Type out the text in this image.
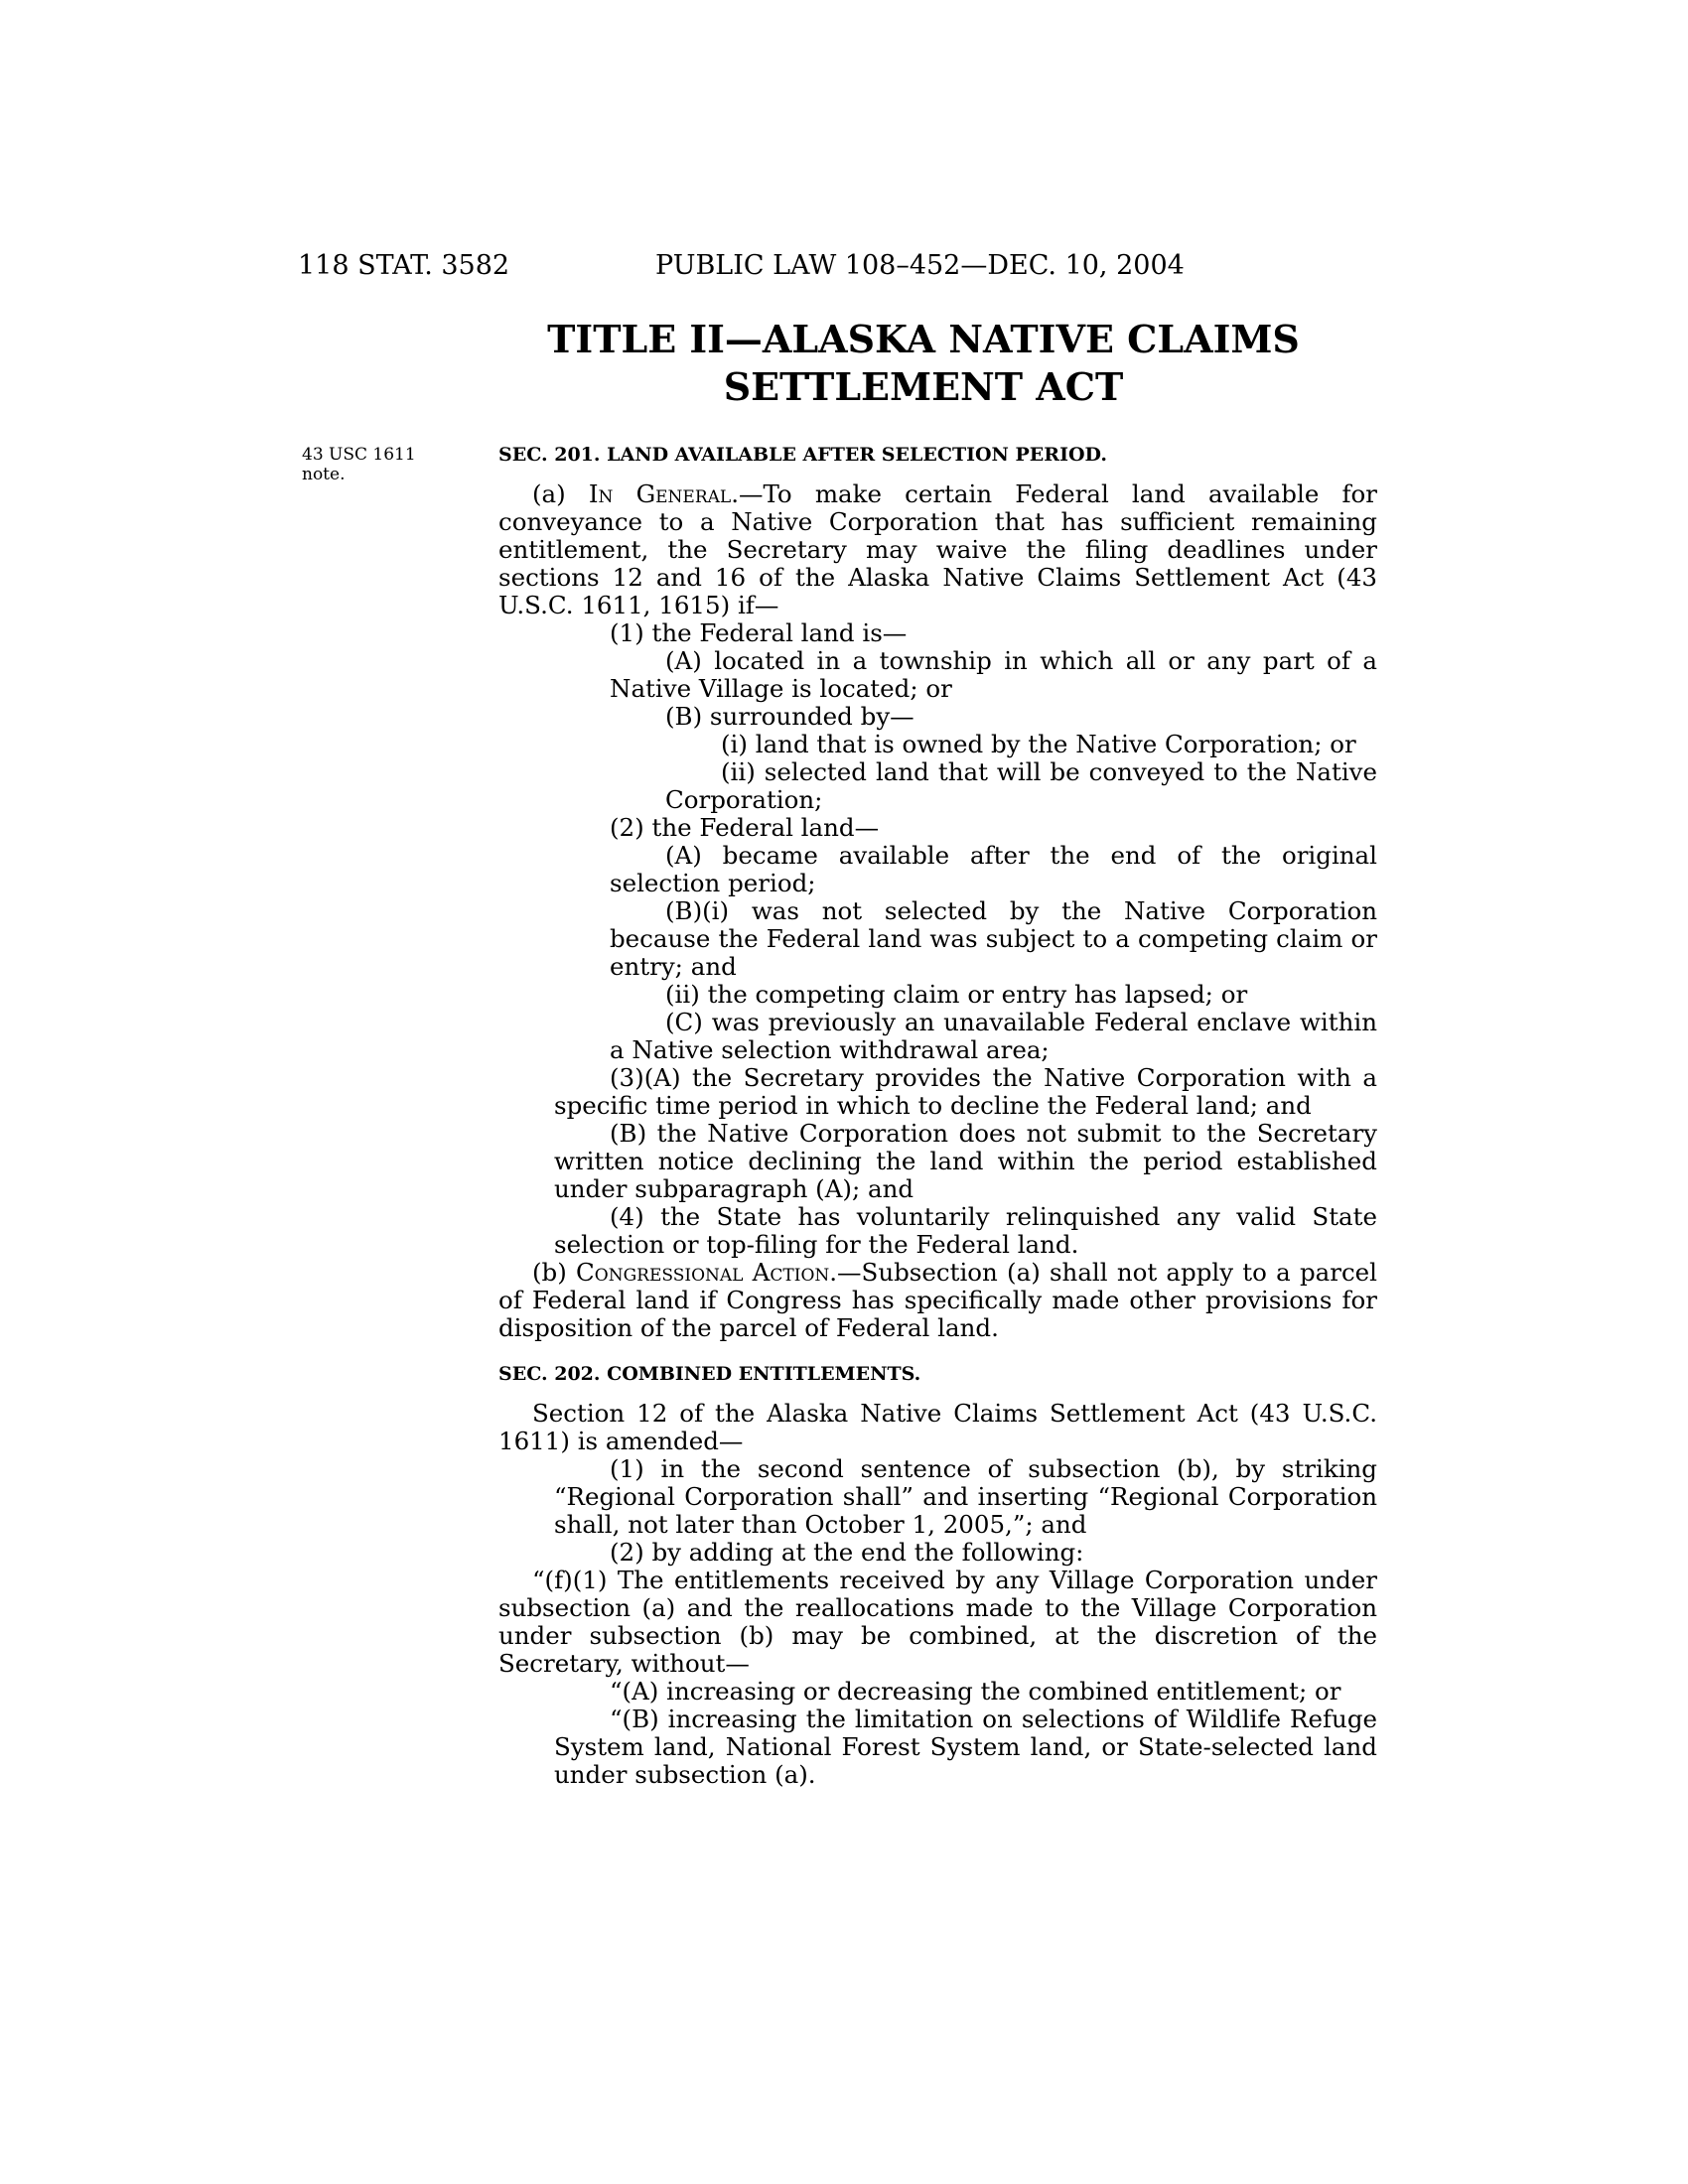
118 STAT. 3582	PUBLIC LAW 108–452—DEC. 10, 2004
TITLE II—ALASKA NATIVE CLAIMS
SETTLEMENT ACT
43 USC 1611
note.
SEC. 201. LAND AVAILABLE AFTER SELECTION PERIOD.

(a) In General.—To make certain Federal land available for conveyance to a Native Corporation that has sufficient remaining entitlement, the Secretary may waive the filing deadlines under sections 12 and 16 of the Alaska Native Claims Settlement Act (43 U.S.C. 1611, 1615) if—

(1) the Federal land is—

(A) located in a township in which all or any part of a Native Village is located; or

(B) surrounded by—

(i) land that is owned by the Native Corporation; or

(ii) selected land that will be conveyed to the Native Corporation;

(2) the Federal land—

(A) became available after the end of the original selection period;

(B)(i) was not selected by the Native Corporation because the Federal land was subject to a competing claim or entry; and

(ii) the competing claim or entry has lapsed; or

(C) was previously an unavailable Federal enclave within a Native selection withdrawal area;

(3)(A) the Secretary provides the Native Corporation with a specific time period in which to decline the Federal land; and

(B) the Native Corporation does not submit to the Secretary written notice declining the land within the period established under subparagraph (A); and

(4) the State has voluntarily relinquished any valid State selection or top-filing for the Federal land.

(b) Congressional Action.—Subsection (a) shall not apply to a parcel of Federal land if Congress has specifically made other provisions for disposition of the parcel of Federal land.

SEC. 202. COMBINED ENTITLEMENTS.

Section 12 of the Alaska Native Claims Settlement Act (43 U.S.C. 1611) is amended—

(1) in the second sentence of subsection (b), by striking “Regional Corporation shall” and inserting “Regional Corporation shall, not later than October 1, 2005,”; and

(2) by adding at the end the following:

“(f)(1) The entitlements received by any Village Corporation under subsection (a) and the reallocations made to the Village Corporation under subsection (b) may be combined, at the discretion of the Secretary, without—

“(A) increasing or decreasing the combined entitlement; or

“(B) increasing the limitation on selections of Wildlife Refuge System land, National Forest System land, or State-selected land under subsection (a).
